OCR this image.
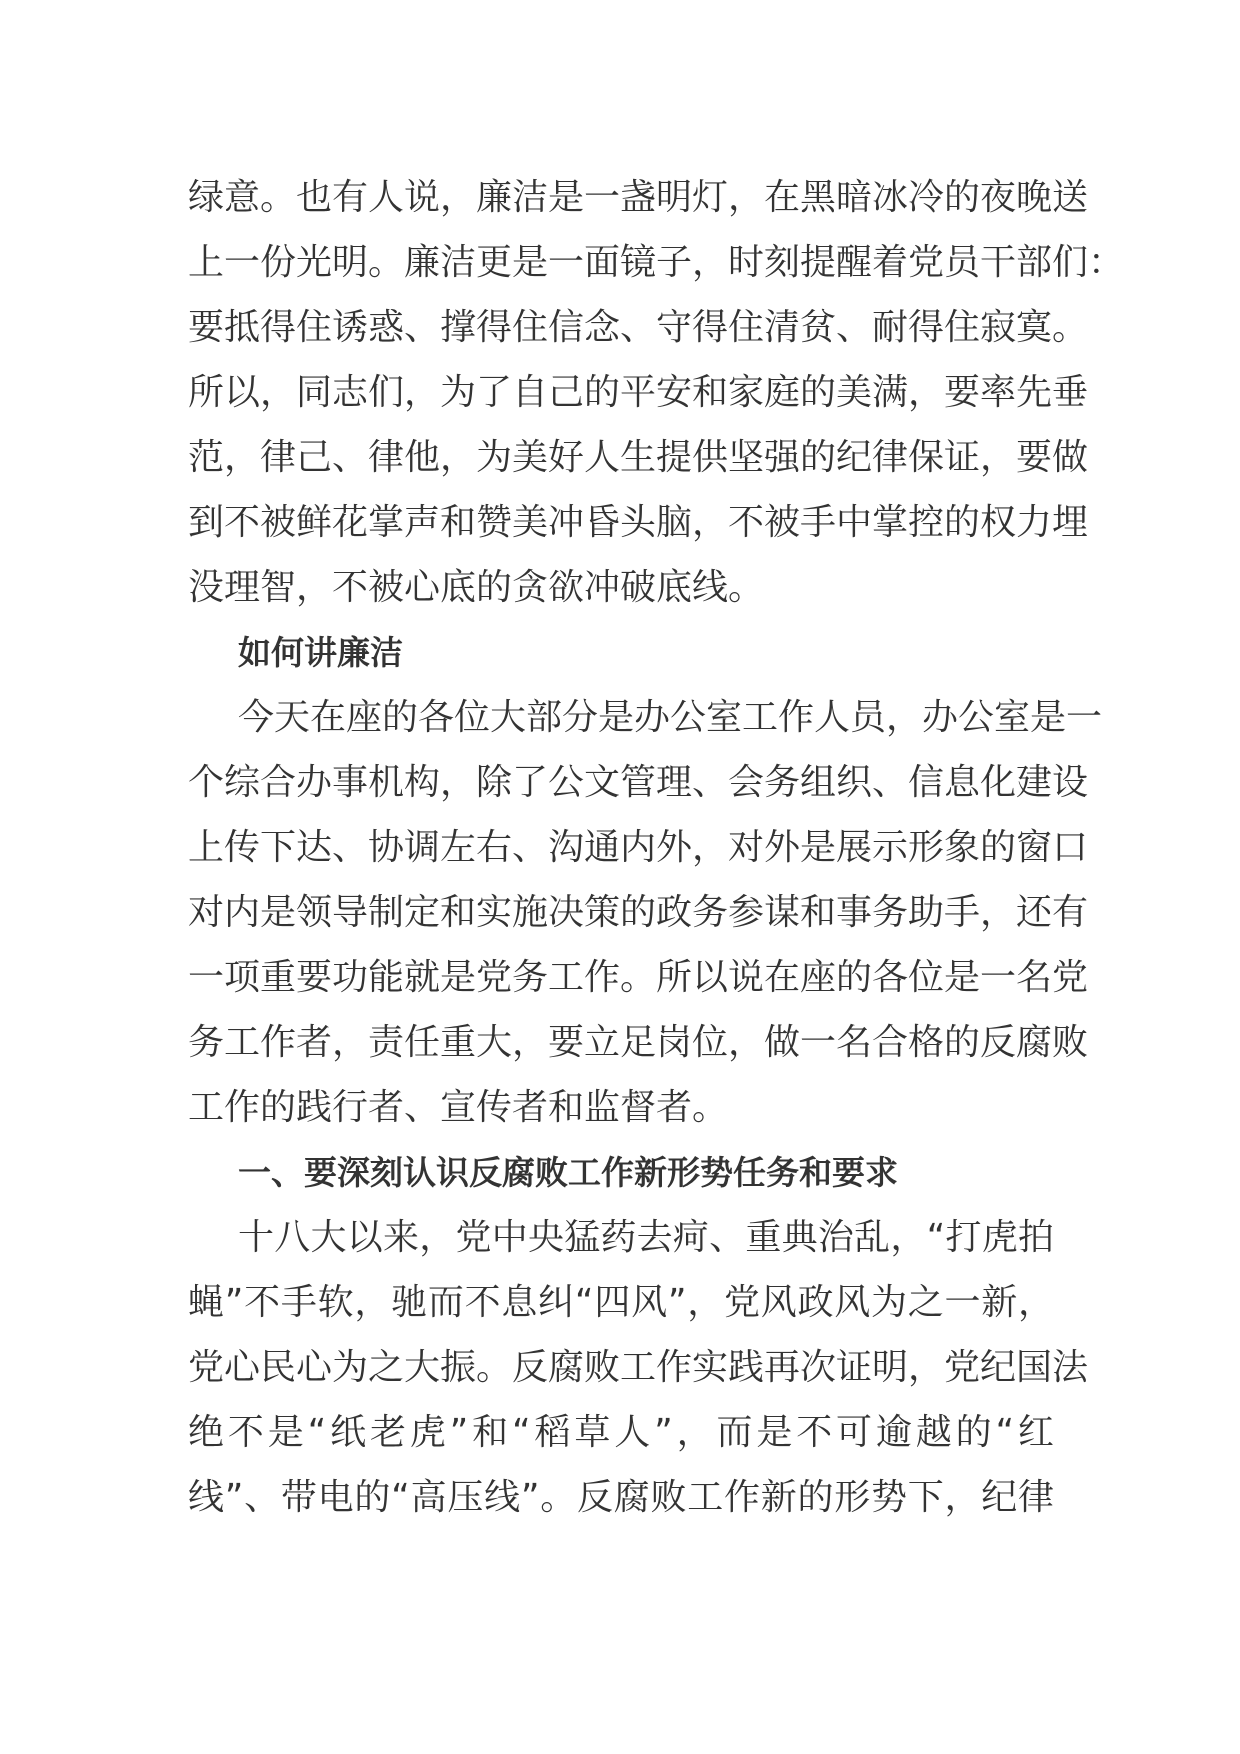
绿意。也有人说，廉洁是一盏明灯，在黑暗冰冷的夜晚送
上一份光明。廉洁更是一面镜子，时刻提醒着党员干部们：
要抵得住诱惑、撑得住信念、守得住清贫、耐得住寂寞。
所以，同志们，为了自己的平安和家庭的美满，要率先垂
范，律己、律他，为美好人生提供坚强的纪律保证，要做
到不被鲜花掌声和赞美冲昏头脑，不被手中掌控的权力埋
没理智，不被心底的贪欲冲破底线。
如何讲廉洁
今天在座的各位大部分是办公室工作人员，办公室是一
个综合办事机构，除了公文管理、会务组织、信息化建设
上传下达、协调左右、沟通内外，对外是展示形象的窗口
对内是领导制定和实施决策的政务参谋和事务助手，还有
一项重要功能就是党务工作。所以说在座的各位是一名党
务工作者，责任重大，要立足岗位，做一名合格的反腐败
工作的践行者、宣传者和监督者。
一、要深刻认识反腐败工作新形势任务和要求
十八大以来，党中央猛药去疴、重典治乱，“打虎拍
蝇”不手软，驰而不息纠“四风”，党风政风为之一新，
党心民心为之大振。反腐败工作实践再次证明，党纪国法
绝不是“纸老虎”和“稻草人”，而是不可逾越的“红
线”、带电的“高压线”。反腐败工作新的形势下，纪律
